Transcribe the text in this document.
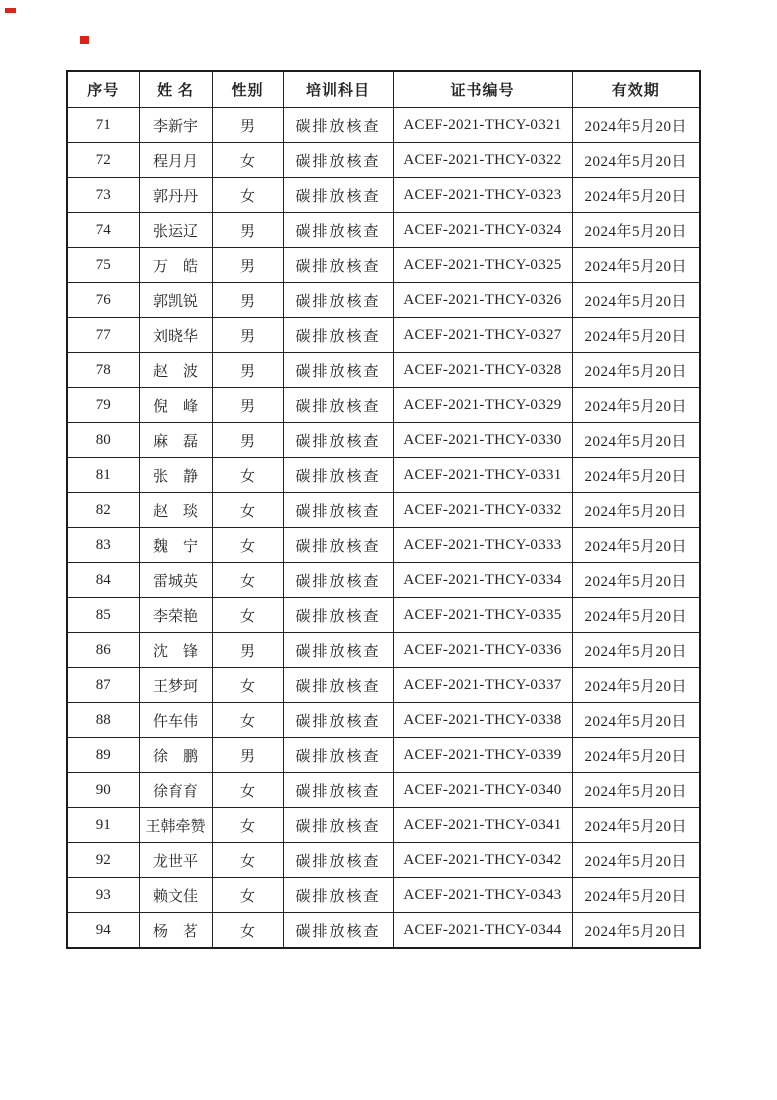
序号	姓 名	性别	培训科目	证书编号	有效期
71	李新宇	男	碳排放核查	ACEF-2021-THCY-0321	2024年5月20日
72	程月月	女	碳排放核查	ACEF-2021-THCY-0322	2024年5月20日
73	郭丹丹	女	碳排放核查	ACEF-2021-THCY-0323	2024年5月20日
74	张运辽	男	碳排放核查	ACEF-2021-THCY-0324	2024年5月20日
75	万　皓	男	碳排放核查	ACEF-2021-THCY-0325	2024年5月20日
76	郭凯锐	男	碳排放核查	ACEF-2021-THCY-0326	2024年5月20日
77	刘晓华	男	碳排放核查	ACEF-2021-THCY-0327	2024年5月20日
78	赵　波	男	碳排放核查	ACEF-2021-THCY-0328	2024年5月20日
79	倪　峰	男	碳排放核查	ACEF-2021-THCY-0329	2024年5月20日
80	麻　磊	男	碳排放核查	ACEF-2021-THCY-0330	2024年5月20日
81	张　静	女	碳排放核查	ACEF-2021-THCY-0331	2024年5月20日
82	赵　琰	女	碳排放核查	ACEF-2021-THCY-0332	2024年5月20日
83	魏　宁	女	碳排放核查	ACEF-2021-THCY-0333	2024年5月20日
84	雷城英	女	碳排放核查	ACEF-2021-THCY-0334	2024年5月20日
85	李荣艳	女	碳排放核查	ACEF-2021-THCY-0335	2024年5月20日
86	沈　锋	男	碳排放核查	ACEF-2021-THCY-0336	2024年5月20日
87	王梦珂	女	碳排放核查	ACEF-2021-THCY-0337	2024年5月20日
88	仵车伟	女	碳排放核查	ACEF-2021-THCY-0338	2024年5月20日
89	徐　鹏	男	碳排放核查	ACEF-2021-THCY-0339	2024年5月20日
90	徐育育	女	碳排放核查	ACEF-2021-THCY-0340	2024年5月20日
91	王韩牵赞	女	碳排放核查	ACEF-2021-THCY-0341	2024年5月20日
92	龙世平	女	碳排放核查	ACEF-2021-THCY-0342	2024年5月20日
93	赖文佳	女	碳排放核查	ACEF-2021-THCY-0343	2024年5月20日
94	杨　茗	女	碳排放核查	ACEF-2021-THCY-0344	2024年5月20日
